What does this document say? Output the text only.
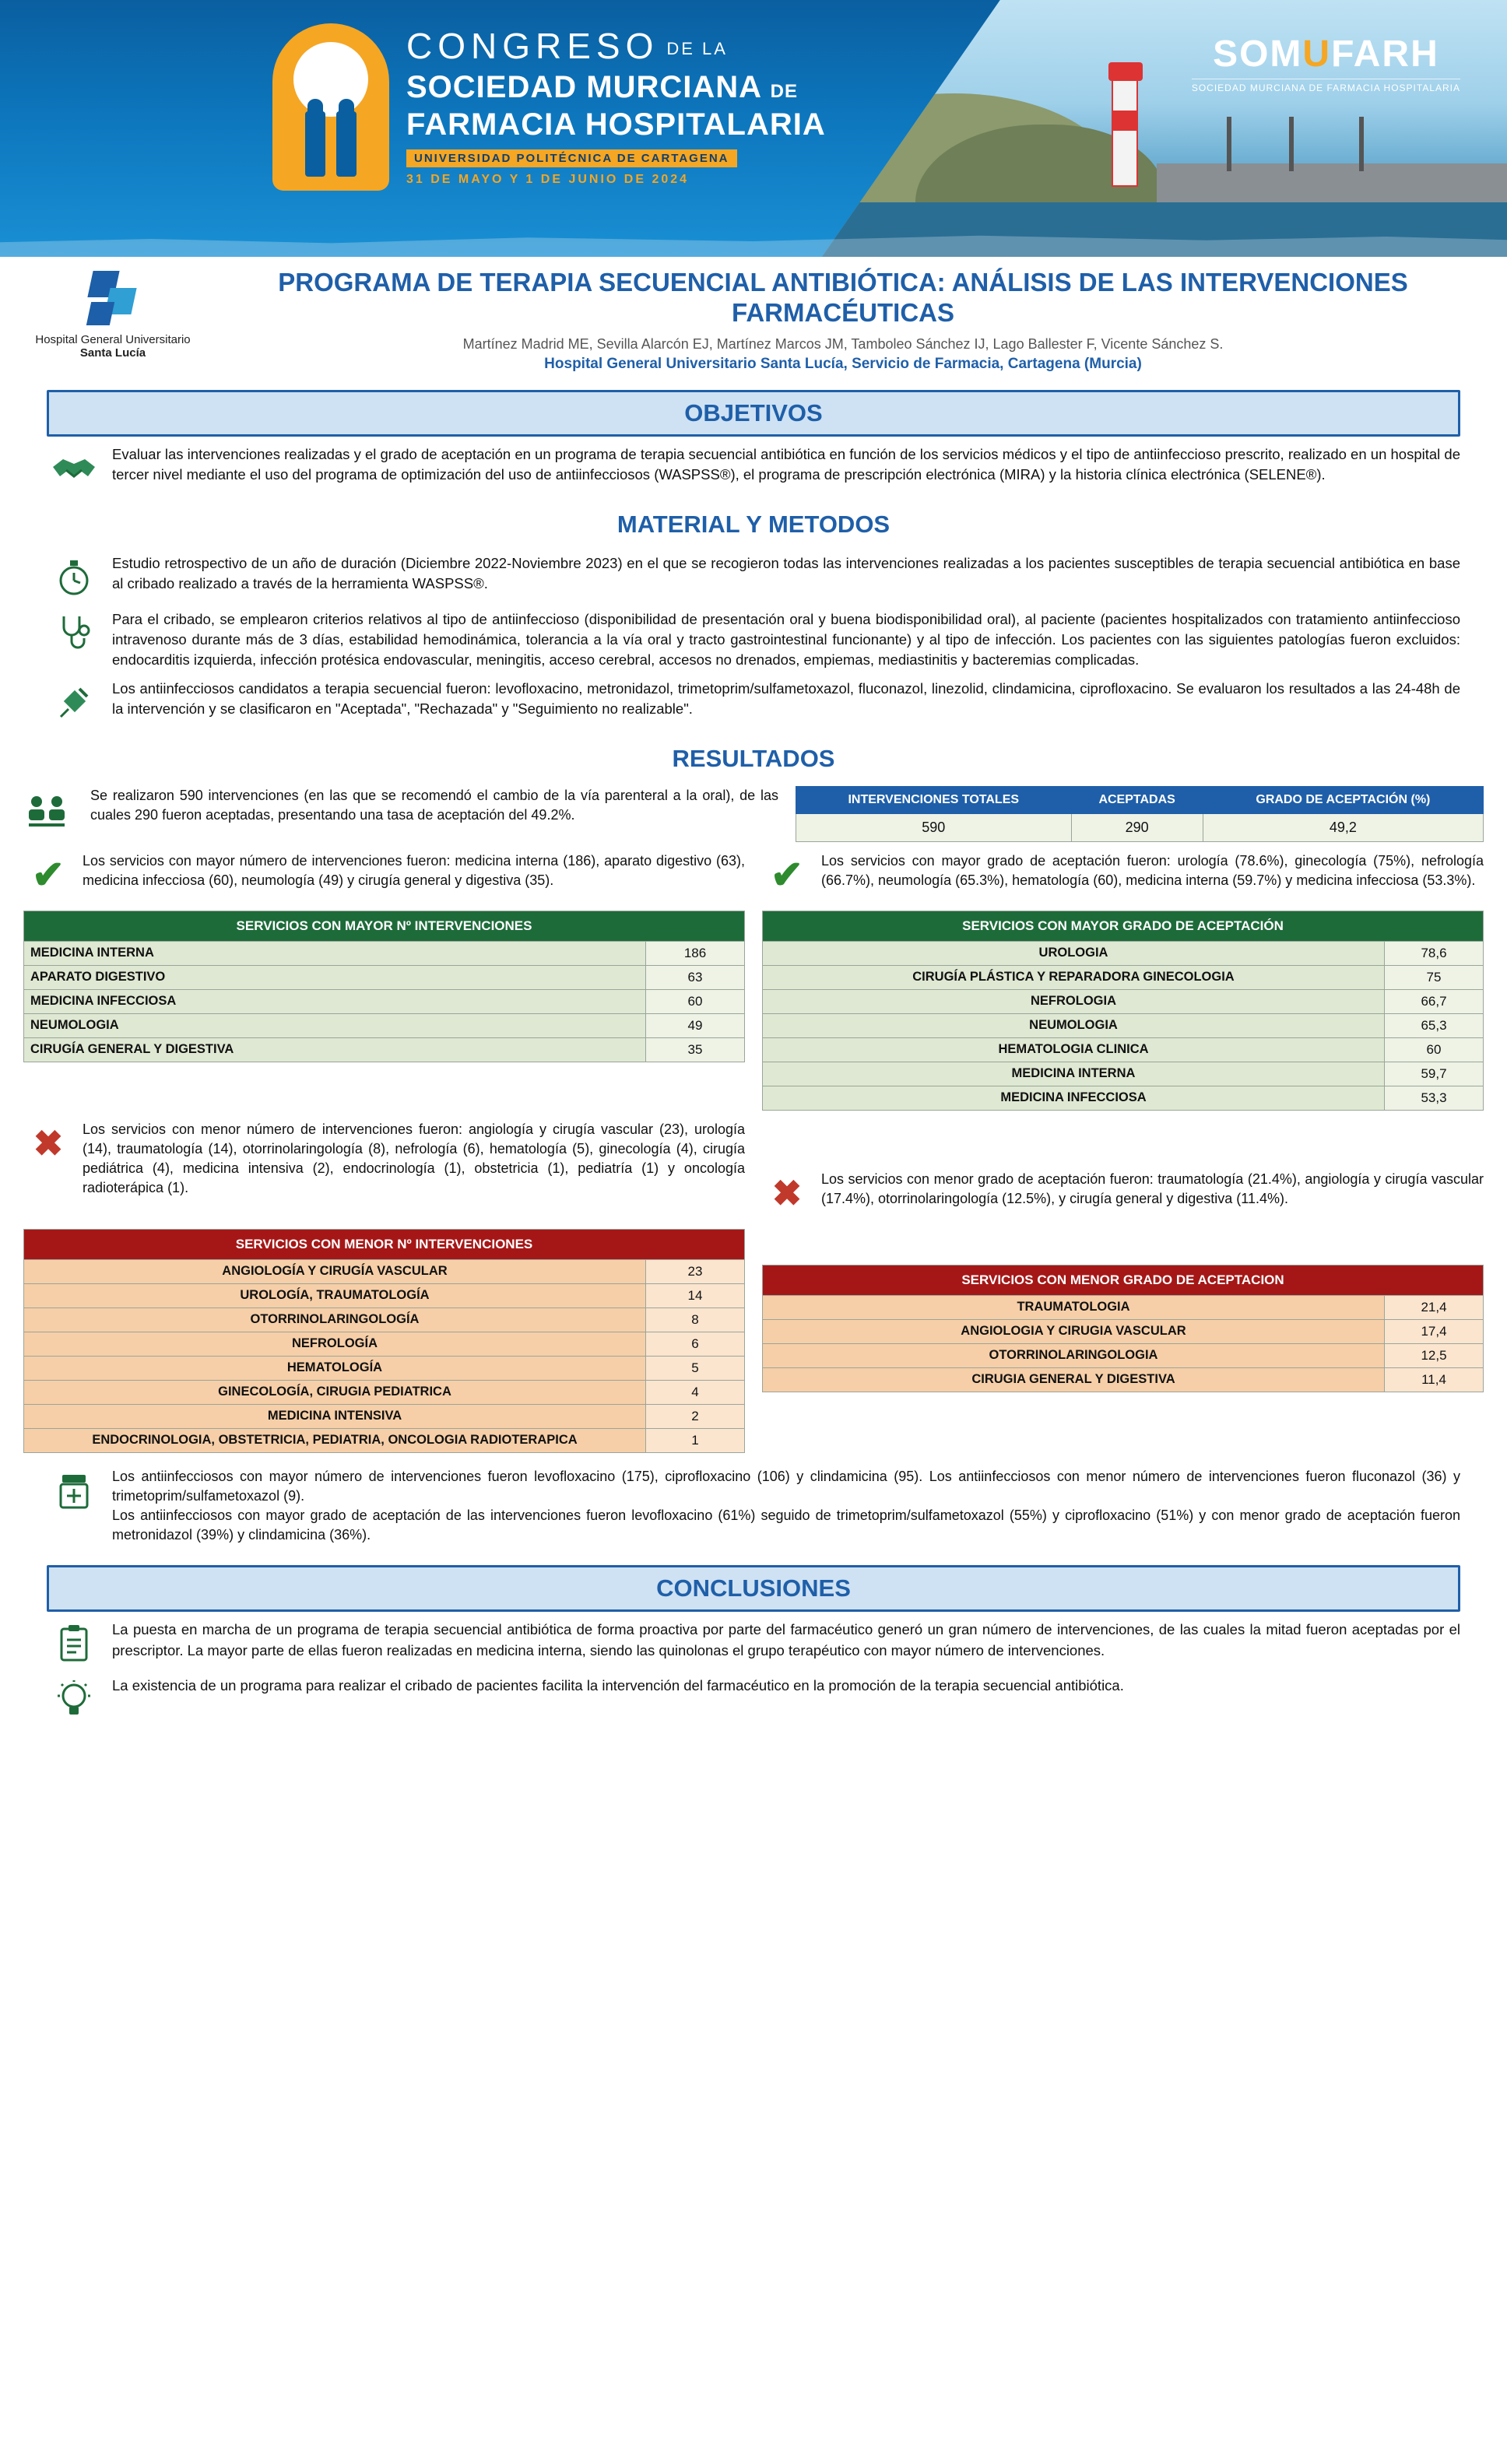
CONGRESO DE LA
SOCIEDAD MURCIANA DE
FARMACIA HOSPITALARIA
UNIVERSIDAD POLITÉCNICA DE CARTAGENA
31 DE MAYO Y 1 DE JUNIO DE 2024
SOMUFARH
SOCIEDAD MURCIANA DE FARMACIA HOSPITALARIA
Hospital General Universitario
Santa Lucía
PROGRAMA DE TERAPIA SECUENCIAL ANTIBIÓTICA: ANÁLISIS DE LAS INTERVENCIONES FARMACÉUTICAS
Martínez Madrid ME, Sevilla Alarcón EJ, Martínez Marcos JM, Tamboleo Sánchez IJ, Lago Ballester F, Vicente Sánchez S.
Hospital General Universitario Santa Lucía, Servicio de Farmacia, Cartagena (Murcia)
OBJETIVOS
Evaluar las intervenciones realizadas y el grado de aceptación en un programa de terapia secuencial antibiótica en función de los servicios médicos y el tipo de antiinfeccioso prescrito, realizado en un hospital de tercer nivel mediante el uso del programa de optimización del uso de antiinfecciosos (WASPSS®), el programa de prescripción electrónica (MIRA) y la historia clínica electrónica (SELENE®).
MATERIAL Y METODOS
Estudio retrospectivo de un año de duración (Diciembre 2022-Noviembre 2023) en el que se recogieron todas las intervenciones realizadas a los pacientes susceptibles de terapia secuencial antibiótica en base al cribado realizado a través de la herramienta WASPSS®.
Para el cribado, se emplearon criterios relativos al tipo de antiinfeccioso (disponibilidad de presentación oral y buena biodisponibilidad oral), al paciente (pacientes hospitalizados con tratamiento antiinfeccioso intravenoso durante más de 3 días, estabilidad hemodinámica, tolerancia a la vía oral y tracto gastrointestinal funcionante) y al tipo de infección. Los pacientes con las siguientes patologías fueron excluidos: endocarditis izquierda, infección protésica endovascular, meningitis, acceso cerebral, accesos no drenados, empiemas, mediastinitis y bacteremias complicadas.
Los antiinfecciosos candidatos a terapia secuencial fueron: levofloxacino, metronidazol, trimetoprim/sulfametoxazol, fluconazol, linezolid, clindamicina, ciprofloxacino. Se evaluaron los resultados a las 24-48h de la intervención y se clasificaron en "Aceptada", "Rechazada" y "Seguimiento no realizable".
RESULTADOS
Se realizaron 590 intervenciones (en las que se recomendó el cambio de la vía parenteral a la oral), de las cuales 290 fueron aceptadas, presentando una tasa de aceptación del 49.2%.
INTERVENCIONES TOTALES	ACEPTADAS	GRADO DE ACEPTACIÓN (%)
590	290	49,2
✔ Los servicios con mayor número de intervenciones fueron: medicina interna (186), aparato digestivo (63), medicina infecciosa (60), neumología (49) y cirugía general y digestiva (35).	✔ Los servicios con mayor grado de aceptación fueron: urología (78.6%), ginecología (75%), nefrología (66.7%), neumología (65.3%), hematología (60), medicina interna (59.7%) y medicina infecciosa (53.3%).
SERVICIOS CON MAYOR Nº INTERVENCIONES	
MEDICINA INTERNA	186
APARATO DIGESTIVO	63
MEDICINA INFECCIOSA	60
NEUMOLOGIA	49
CIRUGÍA GENERAL Y DIGESTIVA	35
SERVICIOS CON MAYOR GRADO DE ACEPTACIÓN	
UROLOGIA	78,6
CIRUGÍA PLÁSTICA Y REPARADORA GINECOLOGIA	75
NEFROLOGIA	66,7
NEUMOLOGIA	65,3
HEMATOLOGIA CLINICA	60
MEDICINA INTERNA	59,7
MEDICINA INFECCIOSA	53,3
✖ Los servicios con menor número de intervenciones fueron: angiología y cirugía vascular (23), urología (14), traumatología (14), otorrinolaringología (8), nefrología (6), hematología (5), ginecología (4), cirugía pediátrica (4), medicina intensiva (2), endocrinología (1), obstetricia (1), pediatría (1) y oncología radioterápica (1).	✖ Los servicios con menor grado de aceptación fueron: traumatología (21.4%), angiología y cirugía vascular (17.4%), otorrinolaringología (12.5%), y cirugía general y digestiva (11.4%).
SERVICIOS CON MENOR Nº INTERVENCIONES	
ANGIOLOGÍA Y CIRUGÍA VASCULAR	23
UROLOGÍA, TRAUMATOLOGÍA	14
OTORRINOLARINGOLOGÍA	8
NEFROLOGÍA	6
HEMATOLOGÍA	5
GINECOLOGÍA, CIRUGIA PEDIATRICA	4
MEDICINA INTENSIVA	2
ENDOCRINOLOGIA, OBSTETRICIA, PEDIATRIA, ONCOLOGIA RADIOTERAPICA	1
SERVICIOS CON MENOR GRADO DE ACEPTACION	
TRAUMATOLOGIA	21,4
ANGIOLOGIA Y CIRUGIA VASCULAR	17,4
OTORRINOLARINGOLOGIA	12,5
CIRUGIA GENERAL Y DIGESTIVA	11,4
Los antiinfecciosos con mayor número de intervenciones fueron levofloxacino (175), ciprofloxacino (106) y clindamicina (95). Los antiinfecciosos con menor número de intervenciones fueron fluconazol (36) y trimetoprim/sulfametoxazol (9).
Los antiinfecciosos con mayor grado de aceptación de las intervenciones fueron levofloxacino (61%) seguido de trimetoprim/sulfametoxazol (55%) y ciprofloxacino (51%) y con menor grado de aceptación fueron metronidazol (39%) y clindamicina (36%).
CONCLUSIONES
La puesta en marcha de un programa de terapia secuencial antibiótica de forma proactiva por parte del farmacéutico generó un gran número de intervenciones, de las cuales la mitad fueron aceptadas por el prescriptor. La mayor parte de ellas fueron realizadas en medicina interna, siendo las quinolonas el grupo terapéutico con mayor número de intervenciones.
La existencia de un programa para realizar el cribado de pacientes facilita la intervención del farmacéutico en la promoción de la terapia secuencial antibiótica.
